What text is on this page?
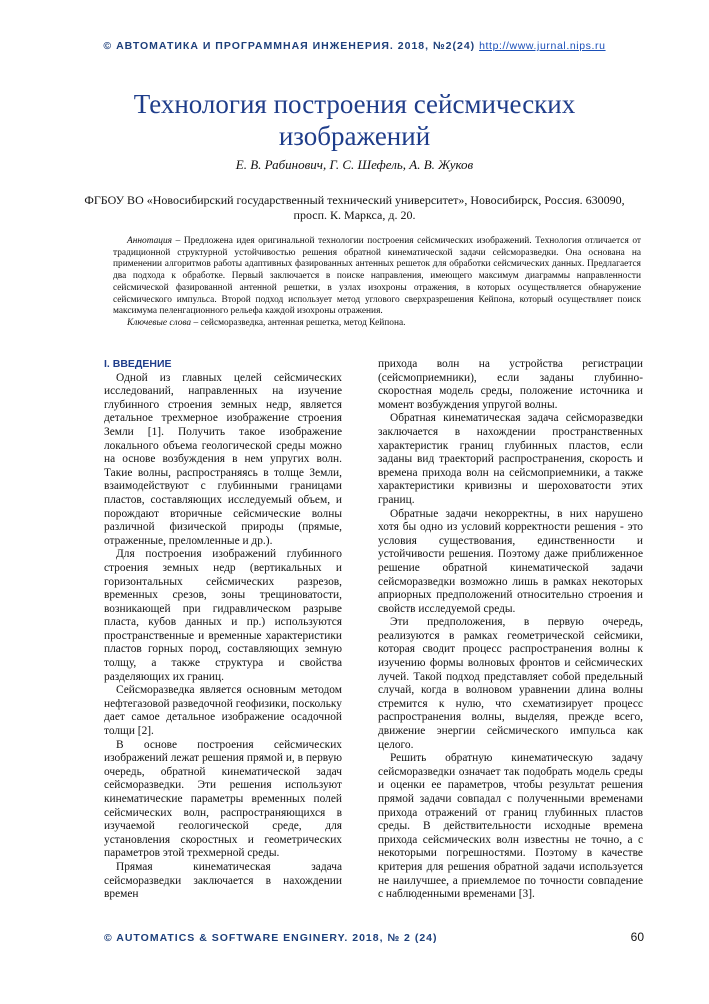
© АВТОМАТИКА И ПРОГРАММНАЯ ИНЖЕНЕРИЯ. 2018, №2(24) http://www.jurnal.nips.ru
Технология построения сейсмических изображений
Е. В. Рабинович, Г. С. Шефель, А. В. Жуков
ФГБОУ ВО «Новосибирский государственный технический университет», Новосибирск, Россия. 630090, просп. К. Маркса, д. 20.

Аннотация – Предложена идея оригинальной технологии построения сейсмических изображений. Технология отличается от традиционной структурной устойчивостью решения обратной кинематической задачи сейсморазведки. Она основана на применении алгоритмов работы адаптивных фазированных антенных решеток для обработки сейсмических данных. Предлагается два подхода к обработке. Первый заключается в поиске направления, имеющего максимум диаграммы направленности сейсмической фазированной антенной решетки, в узлах изохроны отражения, в которых осуществляется обнаружение сейсмического импульса. Второй подход использует метод углового сверхразрешения Кейпона, который осуществляет поиск максимума пеленгационного рельефа каждой изохроны отражения.

Ключевые слова – сейсморазведка, антенная решетка, метод Кейпона.

I. ВВЕДЕНИЕ

Одной из главных целей сейсмических исследований, направленных на изучение глубинного строения земных недр, является детальное трехмерное изображение строения Земли [1]. Получить такое изображение локального объема геологической среды можно на основе возбуждения в нем упругих волн. Такие волны, распространяясь в толще Земли, взаимодействуют с глубинными границами пластов, составляющих исследуемый объем, и порождают вторичные сейсмические волны различной физической природы (прямые, отраженные, преломленные и др.).

Для построения изображений глубинного строения земных недр (вертикальных и горизонтальных сейсмических разрезов, временных срезов, зоны трещиноватости, возникающей при гидравлическом разрыве пласта, кубов данных и пр.) используются пространственные и временные характеристики пластов горных пород, составляющих земную толщу, а также структура и свойства разделяющих их границ.

Сейсморазведка является основным методом нефтегазовой разведочной геофизики, поскольку дает самое детальное изображение осадочной толщи [2].

В основе построения сейсмических изображений лежат решения прямой и, в первую очередь, обратной кинематической задач сейсморазведки. Эти решения используют кинематические параметры временных полей сейсмических волн, распространяющихся в изучаемой геологической среде, для установления скоростных и геометрических параметров этой трехмерной среды.

Прямая кинематическая задача сейсморазведки заключается в нахождении времен

прихода волн на устройства регистрации (сейсмоприемники), если заданы глубинно-скоростная модель среды, положение источника и момент возбуждения упругой волны.

Обратная кинематическая задача сейсморазведки заключается в нахождении пространственных характеристик границ глубинных пластов, если заданы вид траекторий распространения, скорость и времена прихода волн на сейсмоприемники, а также характеристики кривизны и шероховатости этих границ.

Обратные задачи некорректны, в них нарушено хотя бы одно из условий корректности решения - это условия существования, единственности и устойчивости решения. Поэтому даже приближенное решение обратной кинематической задачи сейсморазведки возможно лишь в рамках некоторых априорных предположений относительно строения и свойств исследуемой среды.

Эти предположения, в первую очередь, реализуются в рамках геометрической сейсмики, которая сводит процесс распространения волны к изучению формы волновых фронтов и сейсмических лучей. Такой подход представляет собой предельный случай, когда в волновом уравнении длина волны стремится к нулю, что схематизирует процесс распространения волны, выделяя, прежде всего, движение энергии сейсмического импульса как целого.

Решить обратную кинематическую задачу сейсморазведки означает так подобрать модель среды и оценки ее параметров, чтобы результат решения прямой задачи совпадал с полученными временами прихода отражений от границ глубинных пластов среды. В действительности исходные времена прихода сейсмических волн известны не точно, а с некоторыми погрешностями. Поэтому в качестве критерия для решения обратной задачи используется не наилучшее, а приемлемое по точности совпадение с наблюденными временами [3].

© AUTOMATICS & SOFTWARE ENGINERY. 2018, № 2 (24)	60
